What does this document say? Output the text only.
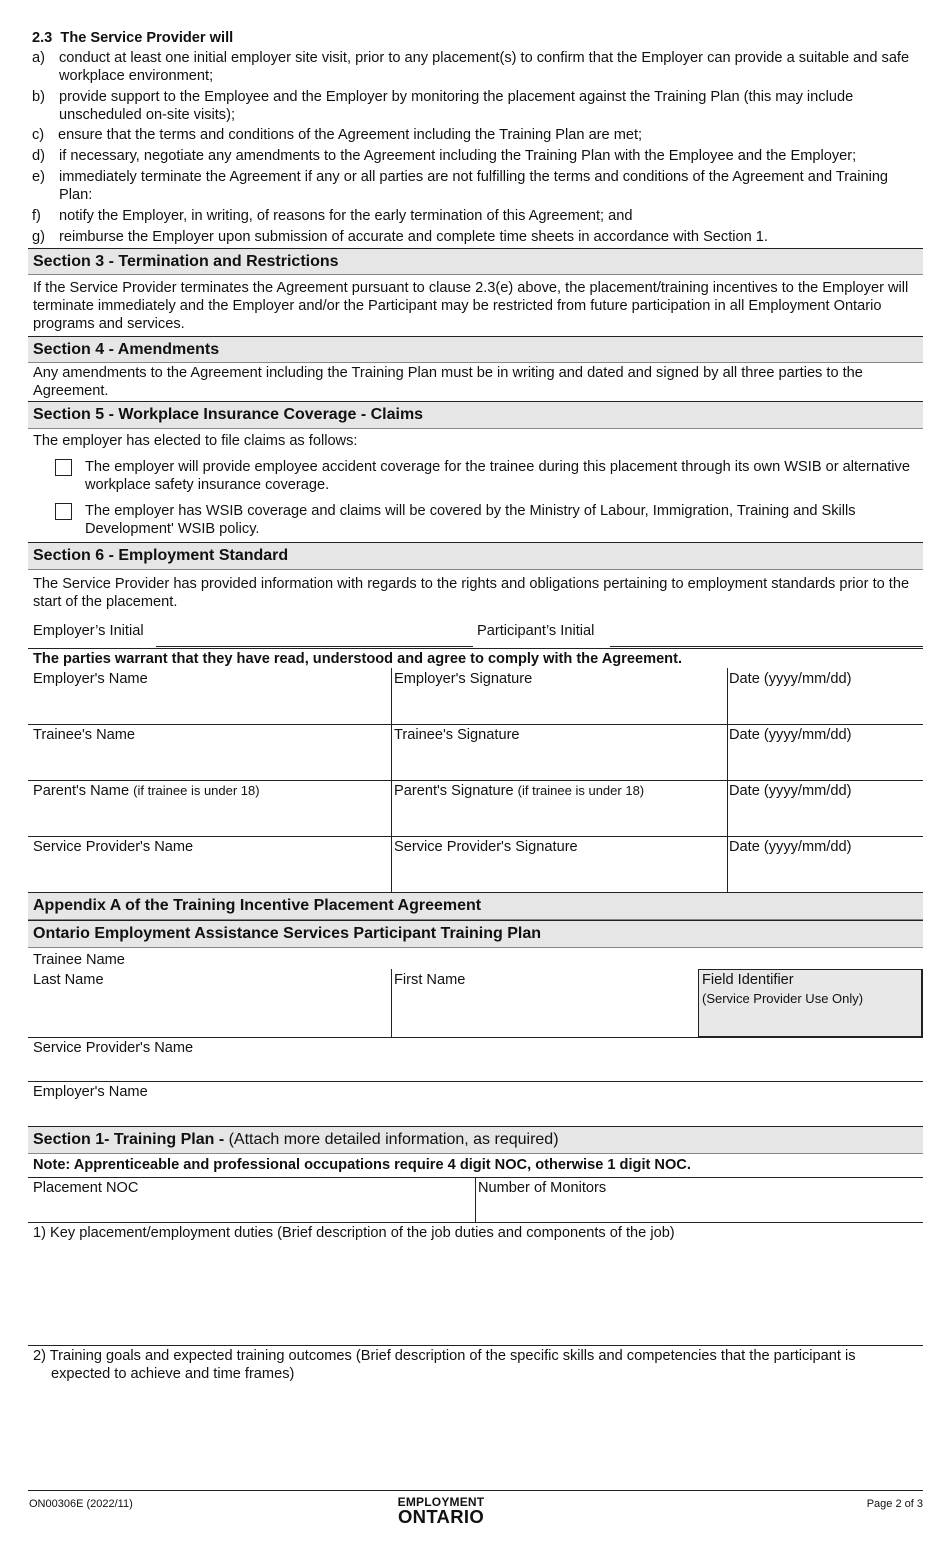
2.3 The Service Provider will
a) conduct at least one initial employer site visit, prior to any placement(s) to confirm that the Employer can provide a suitable and safe workplace environment;
b) provide support to the Employee and the Employer by monitoring the placement against the Training Plan (this may include unscheduled on-site visits);
c) ensure that the terms and conditions of the Agreement including the Training Plan are met;
d) if necessary, negotiate any amendments to the Agreement including the Training Plan with the Employee and the Employer;
e) immediately terminate the Agreement if any or all parties are not fulfilling the terms and conditions of the Agreement and Training Plan:
f) notify the Employer, in writing, of reasons for the early termination of this Agreement; and
g) reimburse the Employer upon submission of accurate and complete time sheets in accordance with Section 1.
Section 3 - Termination and Restrictions
If the Service Provider terminates the Agreement pursuant to clause 2.3(e) above, the placement/training incentives to the Employer will terminate immediately and the Employer and/or the Participant may be restricted from future participation in all Employment Ontario programs and services.
Section 4 - Amendments
Any amendments to the Agreement including the Training Plan must be in writing and dated and signed by all three parties to the Agreement.
Section 5 - Workplace Insurance Coverage - Claims
The employer has elected to file claims as follows:
The employer will provide employee accident coverage for the trainee during this placement through its own WSIB or alternative workplace safety insurance coverage.
The employer has WSIB coverage and claims will be covered by the Ministry of Labour, Immigration, Training and Skills Development' WSIB policy.
Section 6 - Employment Standard
The Service Provider has provided information with regards to the rights and obligations pertaining to employment standards prior to the start of the placement.
Employer’s Initial	Participant’s Initial
The parties warrant that they have read, understood and agree to comply with the Agreement.
Employer's Name	Employer's Signature	Date (yyyy/mm/dd)
Trainee's Name	Trainee's Signature	Date (yyyy/mm/dd)
Parent's Name (if trainee is under 18)	Parent's Signature (if trainee is under 18)	Date (yyyy/mm/dd)
Service Provider's Name	Service Provider's Signature	Date (yyyy/mm/dd)
Appendix A of the Training Incentive Placement Agreement
Ontario Employment Assistance Services Participant Training Plan
Trainee Name
Last Name	First Name	Field Identifier
(Service Provider Use Only)
Service Provider's Name
Employer's Name
Section 1- Training Plan -
(Attach more detailed information, as required)
Note: Apprenticeable and professional occupations require 4 digit NOC, otherwise 1 digit NOC.
Placement NOC	Number of Monitors
1) Key placement/employment duties (Brief description of the job duties and components of the job)
2) Training goals and expected training outcomes (Brief description of the specific skills and competencies that the participant is
expected to achieve and time frames)
ON00306E (2022/11)	EMPLOYMENT
ONTARIO
Page 2 of 3
